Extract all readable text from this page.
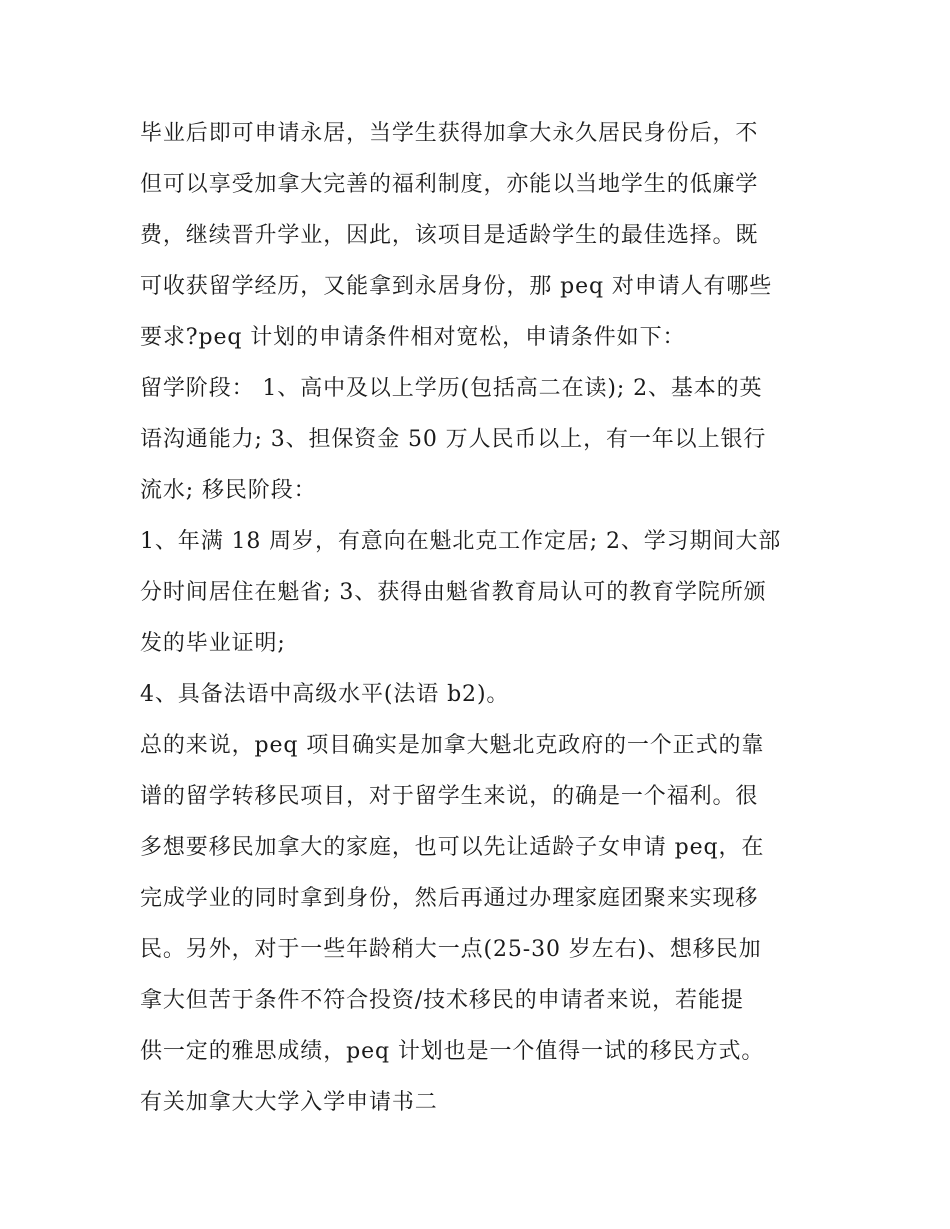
毕业后即可申请永居，当学生获得加拿大永久居民身份后，不
但可以享受加拿大完善的福利制度，亦能以当地学生的低廉学
费，继续晋升学业，因此，该项目是适龄学生的最佳选择。既
可收获留学经历，又能拿到永居身份，那 peq 对申请人有哪些
要求?peq 计划的申请条件相对宽松，申请条件如下：
留学阶段： 1、高中及以上学历(包括高二在读); 2、基本的英
语沟通能力; 3、担保资金 50 万人民币以上，有一年以上银行
流水; 移民阶段：
1、年满 18 周岁，有意向在魁北克工作定居; 2、学习期间大部
分时间居住在魁省; 3、获得由魁省教育局认可的教育学院所颁
发的毕业证明;
4、具备法语中高级水平(法语 b2)。
总的来说，peq 项目确实是加拿大魁北克政府的一个正式的靠
谱的留学转移民项目，对于留学生来说，的确是一个福利。很
多想要移民加拿大的家庭，也可以先让适龄子女申请 peq，在
完成学业的同时拿到身份，然后再通过办理家庭团聚来实现移
民。另外，对于一些年龄稍大一点(25-30 岁左右)、想移民加
拿大但苦于条件不符合投资/技术移民的申请者来说，若能提
供一定的雅思成绩，peq 计划也是一个值得一试的移民方式。
有关加拿大大学入学申请书二
